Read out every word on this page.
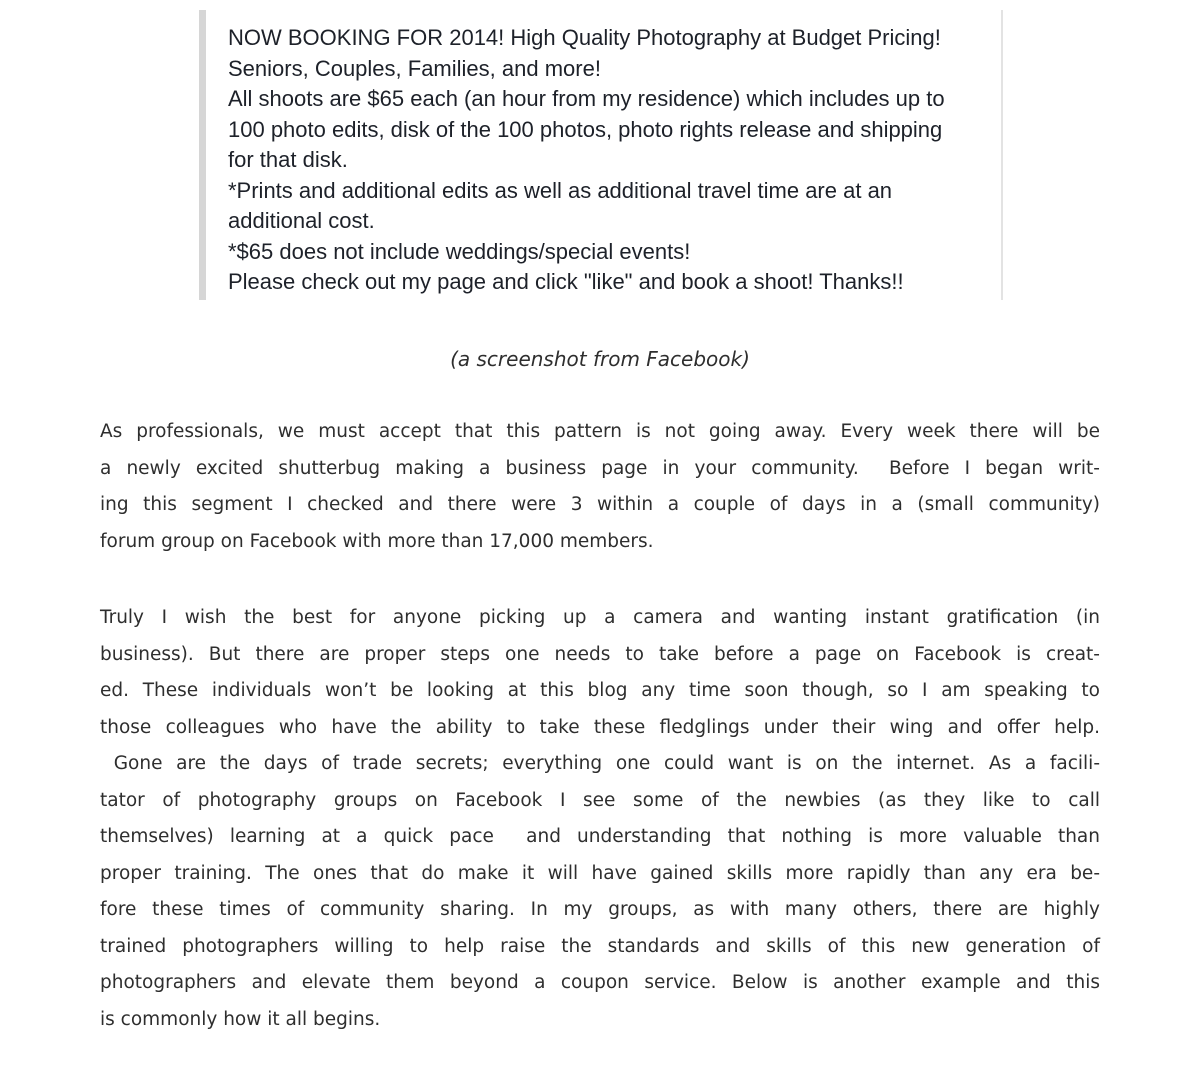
NOW BOOKING FOR 2014! High Quality Photography at Budget Pricing!
Seniors, Couples, Families, and more!
All shoots are $65 each (an hour from my residence) which includes up to
100 photo edits, disk of the 100 photos, photo rights release and shipping
for that disk.
*Prints and additional edits as well as additional travel time are at an
additional cost.
*$65 does not include weddings/special events!
Please check out my page and click "like" and book a shoot! Thanks!!
(a screenshot from Facebook)
As professionals, we must accept that this pattern is not going away. Every week there will be
a newly excited shutterbug making a business page in your community.  Before I began writ-
ing this segment I checked and there were 3 within a couple of days in a (small community)
forum group on Facebook with more than 17,000 members.
Truly I wish the best for anyone picking up a camera and wanting instant gratification (in
business). But there are proper steps one needs to take before a page on Facebook is creat-
ed. These individuals won’t be looking at this blog any time soon though, so I am speaking to
those colleagues who have the ability to take these fledglings under their wing and offer help.
Gone are the days of trade secrets; everything one could want is on the internet. As a facili-
tator of photography groups on Facebook I see some of the newbies (as they like to call
themselves) learning at a quick pace  and understanding that nothing is more valuable than
proper training. The ones that do make it will have gained skills more rapidly than any era be-
fore these times of community sharing. In my groups, as with many others, there are highly
trained photographers willing to help raise the standards and skills of this new generation of
photographers and elevate them beyond a coupon service. Below is another example and this
is commonly how it all begins.
